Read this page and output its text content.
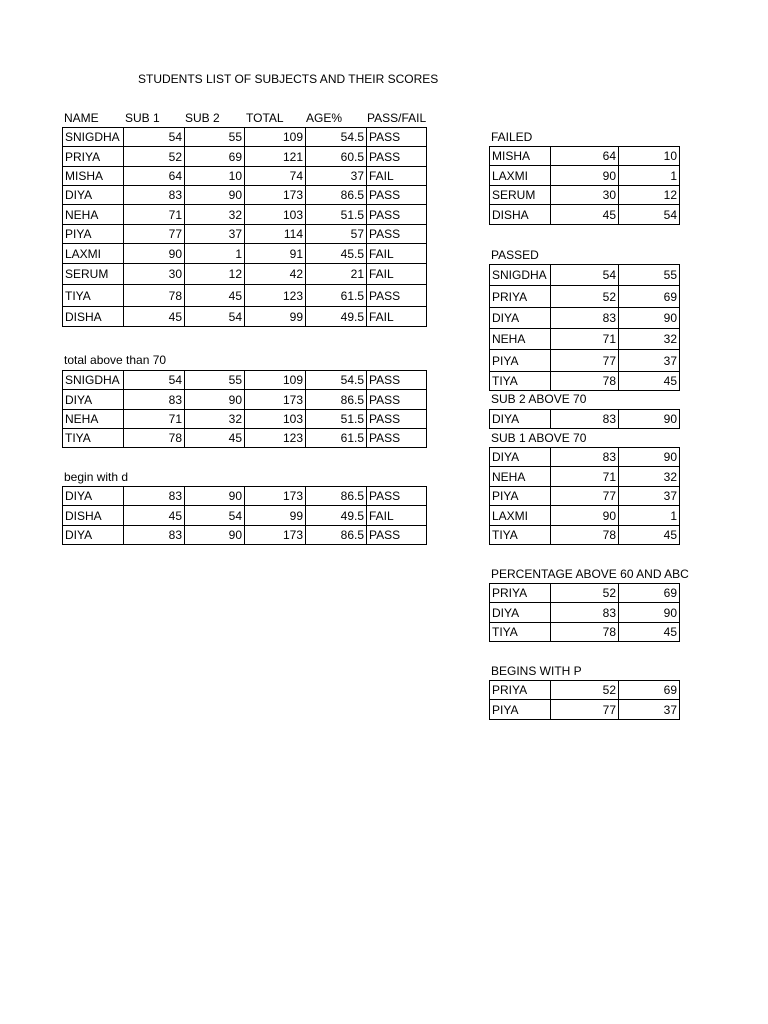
STUDENTS LIST OF SUBJECTS AND THEIR SCORES
NAME SUB 1 SUB 2 TOTAL AGE% PASS/FAIL
SNIGDHA	54	55	109	54.5	PASS
PRIYA	52	69	121	60.5	PASS
MISHA	64	10	74	37	FAIL
DIYA	83	90	173	86.5	PASS
NEHA	71	32	103	51.5	PASS
PIYA	77	37	114	57	PASS
LAXMI	90	1	91	45.5	FAIL
SERUM	30	12	42	21	FAIL
TIYA	78	45	123	61.5	PASS
DISHA	45	54	99	49.5	FAIL
total above than 70
SNIGDHA	54	55	109	54.5	PASS
DIYA	83	90	173	86.5	PASS
NEHA	71	32	103	51.5	PASS
TIYA	78	45	123	61.5	PASS
begin with d
DIYA	83	90	173	86.5	PASS
DISHA	45	54	99	49.5	FAIL
DIYA	83	90	173	86.5	PASS
FAILED
MISHA	64	10
LAXMI	90	1
SERUM	30	12
DISHA	45	54
PASSED
SNIGDHA	54	55
PRIYA	52	69
DIYA	83	90
NEHA	71	32
PIYA	77	37
TIYA	78	45
SUB 2 ABOVE 70
DIYA	83	90
SUB 1 ABOVE 70
DIYA	83	90
NEHA	71	32
PIYA	77	37
LAXMI	90	1
TIYA	78	45
PERCENTAGE ABOVE 60 AND ABC
PRIYA	52	69
DIYA	83	90
TIYA	78	45
BEGINS WITH P
PRIYA	52	69
PIYA	77	37
